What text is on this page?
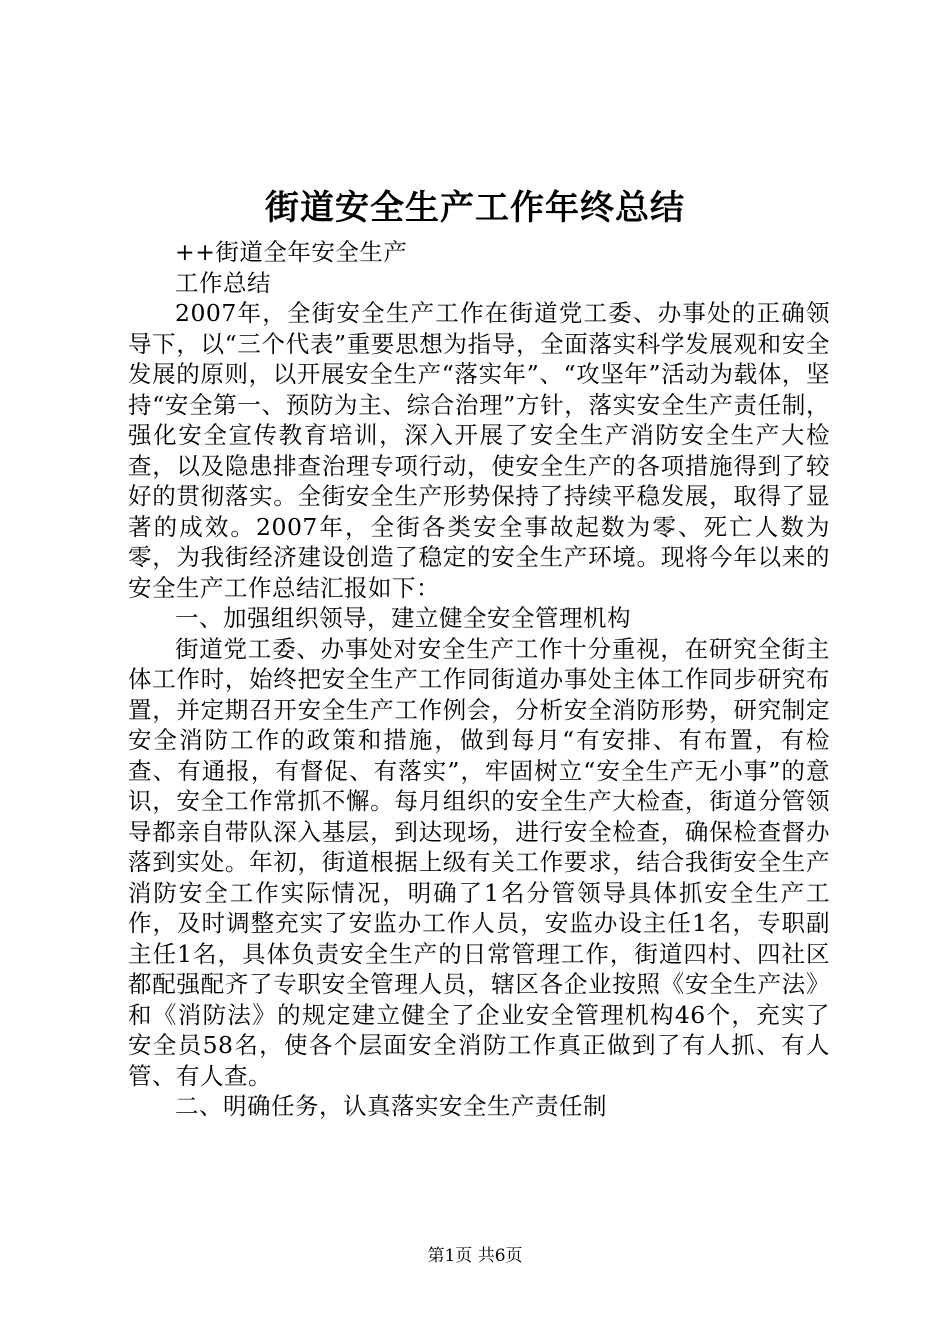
街道安全生产工作年终总结

++街道全年安全生产

工作总结

2007年，全街安全生产工作在街道党工委、办事处的正确领导下，以“三个代表”重要思想为指导，全面落实科学发展观和安全发展的原则，以开展安全生产“落实年”、“攻坚年”活动为载体，坚持“安全第一、预防为主、综合治理”方针，落实安全生产责任制，强化安全宣传教育培训，深入开展了安全生产消防安全生产大检查，以及隐患排查治理专项行动，使安全生产的各项措施得到了较好的贯彻落实。全街安全生产形势保持了持续平稳发展，取得了显著的成效。2007年，全街各类安全事故起数为零、死亡人数为零，为我街经济建设创造了稳定的安全生产环境。现将今年以来的安全生产工作总结汇报如下：

一、加强组织领导，建立健全安全管理机构

街道党工委、办事处对安全生产工作十分重视，在研究全街主体工作时，始终把安全生产工作同街道办事处主体工作同步研究布置，并定期召开安全生产工作例会，分析安全消防形势，研究制定安全消防工作的政策和措施，做到每月“有安排、有布置，有检查、有通报，有督促、有落实”，牢固树立“安全生产无小事”的意识，安全工作常抓不懈。每月组织的安全生产大检查，街道分管领导都亲自带队深入基层，到达现场，进行安全检查，确保检查督办落到实处。年初，街道根据上级有关工作要求，结合我街安全生产消防安全工作实际情况，明确了1名分管领导具体抓安全生产工作，及时调整充实了安监办工作人员，安监办设主任1名，专职副主任1名，具体负责安全生产的日常管理工作，街道四村、四社区都配强配齐了专职安全管理人员，辖区各企业按照《安全生产法》和《消防法》的规定建立健全了企业安全管理机构46个，充实了安全员58名，使各个层面安全消防工作真正做到了有人抓、有人管、有人查。

二、明确任务，认真落实安全生产责任制

第1页 共6页
